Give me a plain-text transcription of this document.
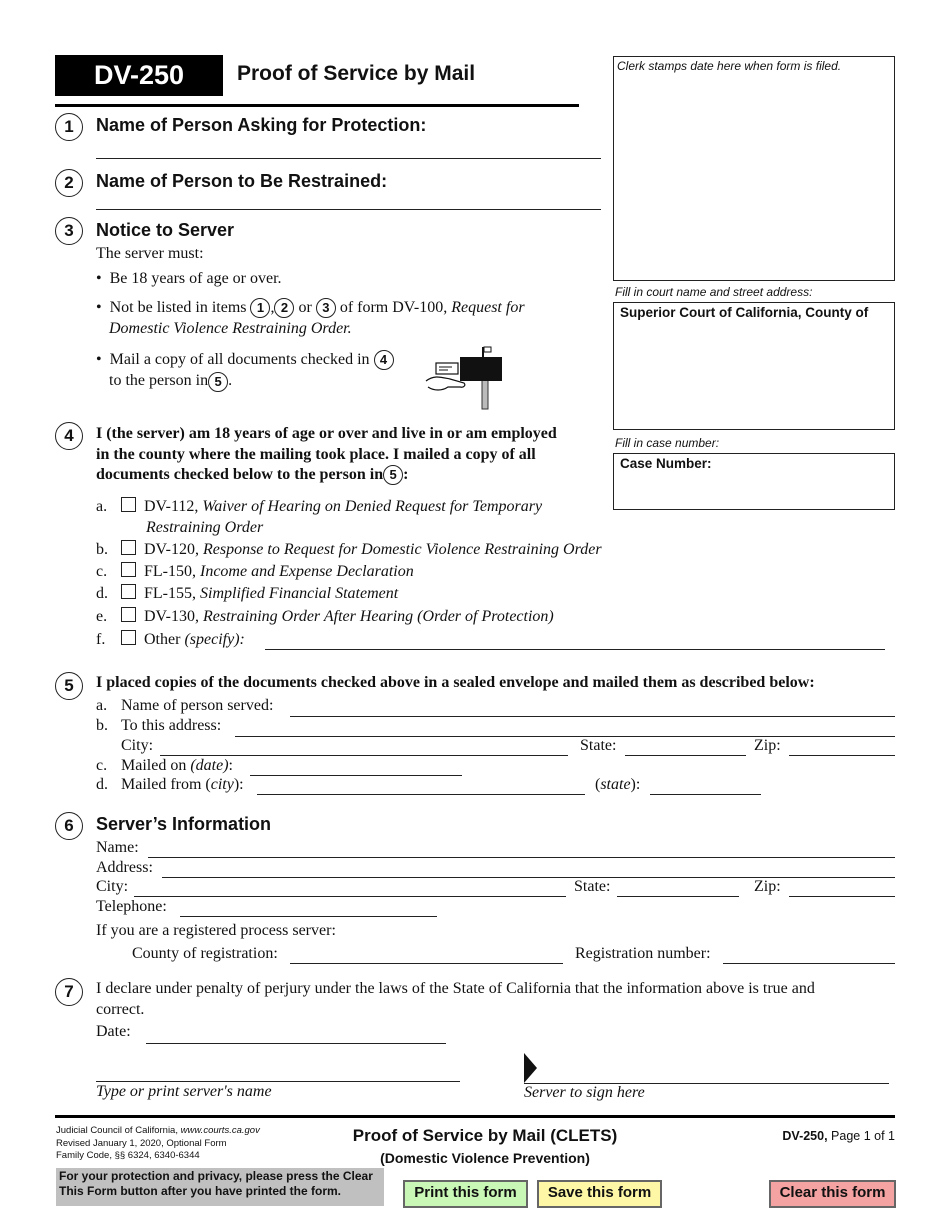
DV-250	Proof of Service by Mail	Clerk stamps date here when form is filed.
Fill in court name and street address:
Superior Court of California, County of
Fill in case number:
Case Number:
1	Name of Person Asking for Protection:
2	Name of Person to Be Restrained:
3	Notice to Server
The server must:
•  Be 18 years of age or over.
•  Not be listed in items 1 , 2 or 3 of form DV-100, Request for
Domestic Violence Restraining Order.
•  Mail a copy of all documents checked in 4
to the person in 5 .
4	I (the server) am 18 years of age or over and live in or am employed
in the county where the mailing took place. I mailed a copy of all
documents checked below to the person in 5 :
a. DV-112, Waiver of Hearing on Denied Request for Temporary
Restraining Order
b. DV-120, Response to Request for Domestic Violence Restraining Order
c. FL-150, Income and Expense Declaration
d. FL-155, Simplified Financial Statement
e. DV-130, Restraining Order After Hearing (Order of Protection)
f. Other (specify):
5	I placed copies of the documents checked above in a sealed envelope and mailed them as described below:
a. Name of person served:
b. To this address:
City:	State:	Zip:
c. Mailed on (date):
d. Mailed from (city):	(state):
6	Server’s Information
Name:
Address:
City:	State:	Zip:
Telephone:
If you are a registered process server:
County of registration:	Registration number:
7	I declare under penalty of perjury under the laws of the State of California that the information above is true and
correct.
Date:
Type or print server's name	Server to sign here
Judicial Council of California, www.courts.ca.gov
Revised January 1, 2020, Optional Form
Family Code, §§ 6324, 6340-6344
Proof of Service by Mail (CLETS)
(Domestic Violence Prevention)
DV-250, Page 1 of 1
For your protection and privacy, please press the Clear
This Form button after you have printed the form.	Print this form	Save this form	Clear this form
